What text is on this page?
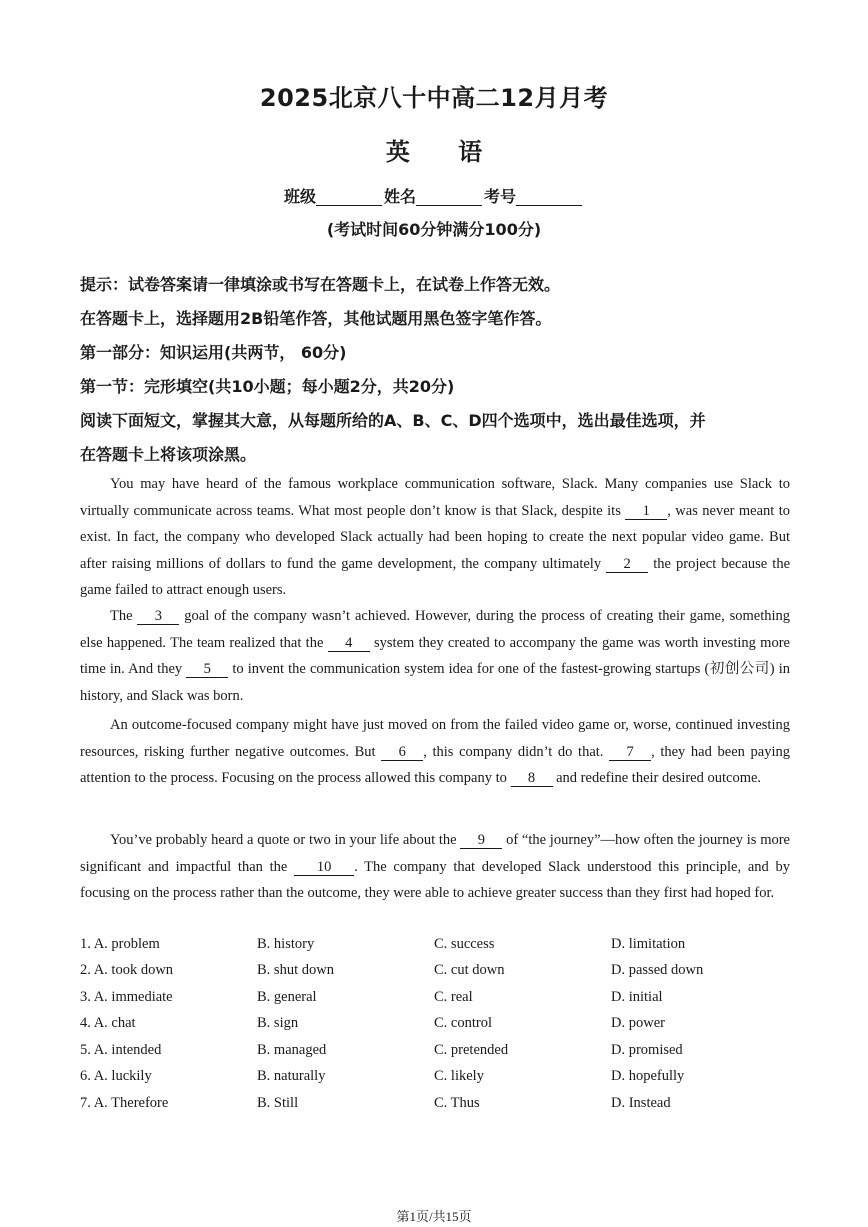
2025北京八十中高二12月月考
英 语
班级	姓名	考号
(考试时间60分钟满分100分)
提示：试卷答案请一律填涂或书写在答题卡上，在试卷上作答无效。
在答题卡上，选择题用2B铅笔作答，其他试题用黑色签字笔作答。
第一部分：知识运用(共两节， 60分)
第一节：完形填空(共10小题；每小题2分，共20分)
阅读下面短文，掌握其大意，从每题所给的A、B、C、D四个选项中，选出最佳选项，并
在答题卡上将该项涂黑。

You may have heard of the famous workplace communication software, Slack. Many companies use Slack to virtually communicate across teams. What most people don’t know is that Slack, despite its 1 , was never meant to exist. In fact, the company who developed Slack actually had been hoping to create the next popular video game. But after raising millions of dollars to fund the game development, the company ultimately 2 the project because the game failed to attract enough users.

The 3 goal of the company wasn’t achieved. However, during the process of creating their game, something else happened. The team realized that the 4 system they created to accompany the game was worth investing more time in. And they 5 to invent the communication system idea for one of the fastest-growing startups (初创公司) in history, and Slack was born.

An outcome-focused company might have just moved on from the failed video game or, worse, continued investing resources, risking further negative outcomes. But 6 , this company didn’t do that. 7 , they had been paying attention to the process. Focusing on the process allowed this company to 8 and redefine their desired outcome.

You’ve probably heard a quote or two in your life about the 9 of “the journey”—how often the journey is more significant and impactful than the 10 . The company that developed Slack understood this principle, and by focusing on the process rather than the outcome, they were able to achieve greater success than they first had hoped for.

1. A. problem	B. history	C. success	D. limitation
2. A. took down	B. shut down	C. cut down	D. passed down
3. A. immediate	B. general	C. real	D. initial
4. A. chat	B. sign	C. control	D. power
5. A. intended	B. managed	C. pretended	D. promised
6. A. luckily	B. naturally	C. likely	D. hopefully
7. A. Therefore	B. Still	C. Thus	D. Instead
第1页/共15页
